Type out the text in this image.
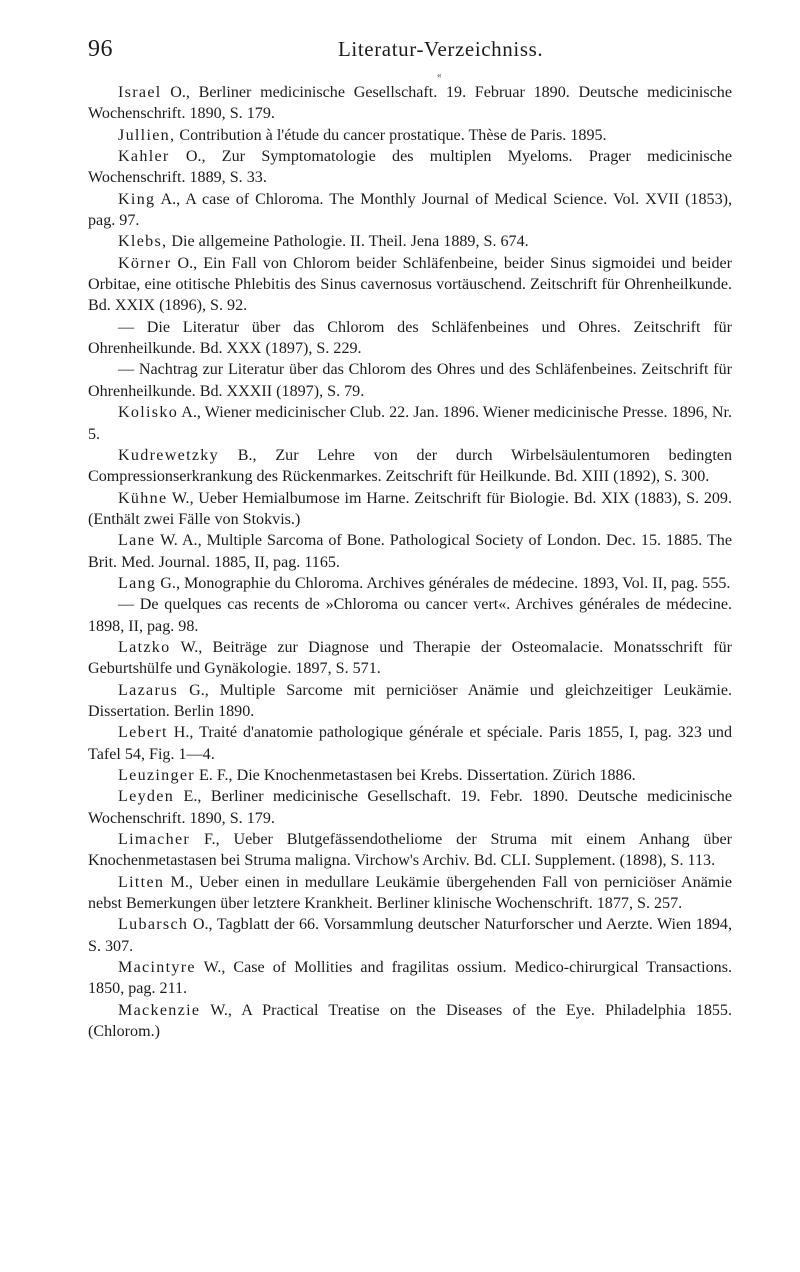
96	Literatur-Verzeichniss.
«

Israel O., Berliner medicinische Gesellschaft. 19. Februar 1890. Deutsche medicinische Wochenschrift. 1890, S. 179.

Jullien, Contribution à l'étude du cancer prostatique. Thèse de Paris. 1895.

Kahler O., Zur Symptomatologie des multiplen Myeloms. Prager medicinische Wochenschrift. 1889, S. 33.

King A., A case of Chloroma. The Monthly Journal of Medical Science. Vol. XVII (1853), pag. 97.

Klebs, Die allgemeine Pathologie. II. Theil. Jena 1889, S. 674.

Körner O., Ein Fall von Chlorom beider Schläfenbeine, beider Sinus sigmoidei und beider Orbitae, eine otitische Phlebitis des Sinus cavernosus vortäuschend. Zeitschrift für Ohrenheilkunde. Bd. XXIX (1896), S. 92.

— Die Literatur über das Chlorom des Schläfenbeines und Ohres. Zeitschrift für Ohrenheilkunde. Bd. XXX (1897), S. 229.

— Nachtrag zur Literatur über das Chlorom des Ohres und des Schläfenbeines. Zeitschrift für Ohrenheilkunde. Bd. XXXII (1897), S. 79.

Kolisko A., Wiener medicinischer Club. 22. Jan. 1896. Wiener medicinische Presse. 1896, Nr. 5.

Kudrewetzky B., Zur Lehre von der durch Wirbelsäulentumoren bedingten Compressionserkrankung des Rückenmarkes. Zeitschrift für Heilkunde. Bd. XIII (1892), S. 300.

Kühne W., Ueber Hemialbumose im Harne. Zeitschrift für Biologie. Bd. XIX (1883), S. 209. (Enthält zwei Fälle von Stokvis.)

Lane W. A., Multiple Sarcoma of Bone. Pathological Society of London. Dec. 15. 1885. The Brit. Med. Journal. 1885, II, pag. 1165.

Lang G., Monographie du Chloroma. Archives générales de médecine. 1893, Vol. II, pag. 555.

— De quelques cas recents de »Chloroma ou cancer vert«. Archives générales de médecine. 1898, II, pag. 98.

Latzko W., Beiträge zur Diagnose und Therapie der Osteomalacie. Monatsschrift für Geburtshülfe und Gynäkologie. 1897, S. 571.

Lazarus G., Multiple Sarcome mit perniciöser Anämie und gleichzeitiger Leukämie. Dissertation. Berlin 1890.

Lebert H., Traité d'anatomie pathologique générale et spéciale. Paris 1855, I, pag. 323 und Tafel 54, Fig. 1—4.

Leuzinger E. F., Die Knochenmetastasen bei Krebs. Dissertation. Zürich 1886.

Leyden E., Berliner medicinische Gesellschaft. 19. Febr. 1890. Deutsche medicinische Wochenschrift. 1890, S. 179.

Limacher F., Ueber Blutgefässendotheliome der Struma mit einem Anhang über Knochenmetastasen bei Struma maligna. Virchow's Archiv. Bd. CLI. Supplement. (1898), S. 113.

Litten M., Ueber einen in medullare Leukämie übergehenden Fall von perniciöser Anämie nebst Bemerkungen über letztere Krankheit. Berliner klinische Wochenschrift. 1877, S. 257.

Lubarsch O., Tagblatt der 66. Vorsammlung deutscher Naturforscher und Aerzte. Wien 1894, S. 307.

Macintyre W., Case of Mollities and fragilitas ossium. Medico-chirurgical Transactions. 1850, pag. 211.

Mackenzie W., A Practical Treatise on the Diseases of the Eye. Philadelphia 1855. (Chlorom.)
